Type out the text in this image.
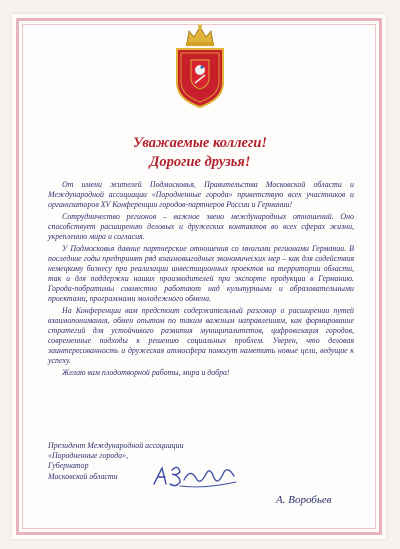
Уважаемые коллеги!
Дорогие друзья!

От имени жителей Подмосковья, Правительства Московской области и Международной ассоциации «Породненные города» приветствую всех участников и организаторов XV Конференции городов-партнеров России и Германии!

Сотрудничество регионов – важное звено международных отношений. Оно способствует расширению деловых и дружеских контактов во всех сферах жизни, укреплению мира и согласия.

У Подмосковья давние партнерские отношения со многими регионами Германии. В последние годы предпринят ряд взаимовыгодных экономических мер – как для содействия немецкому бизнесу при реализации инвестиционных проектов на территории области, так и для поддержки наших производителей при экспорте продукции в Германию. Города-побратимы совместно работают над культурными и образовательными проектами, программами молодежного обмена.

На Конференции вам предстоит содержательный разговор о расширении путей взаимопонимания, обмен опытом по таким важным направлениям, как формирование стратегий для устойчивого развития муниципалитетов, цифровизация городов, современные подходы к решению социальных проблем. Уверен, что деловая заинтересованность и дружеская атмосфера помогут наметить новые цели, ведущие к успеху.

Желаю вам плодотворной работы, мира и добра!

Президент Международной ассоциации
«Породненные города»,
Губернатор
Московской области
А. Воробьев
